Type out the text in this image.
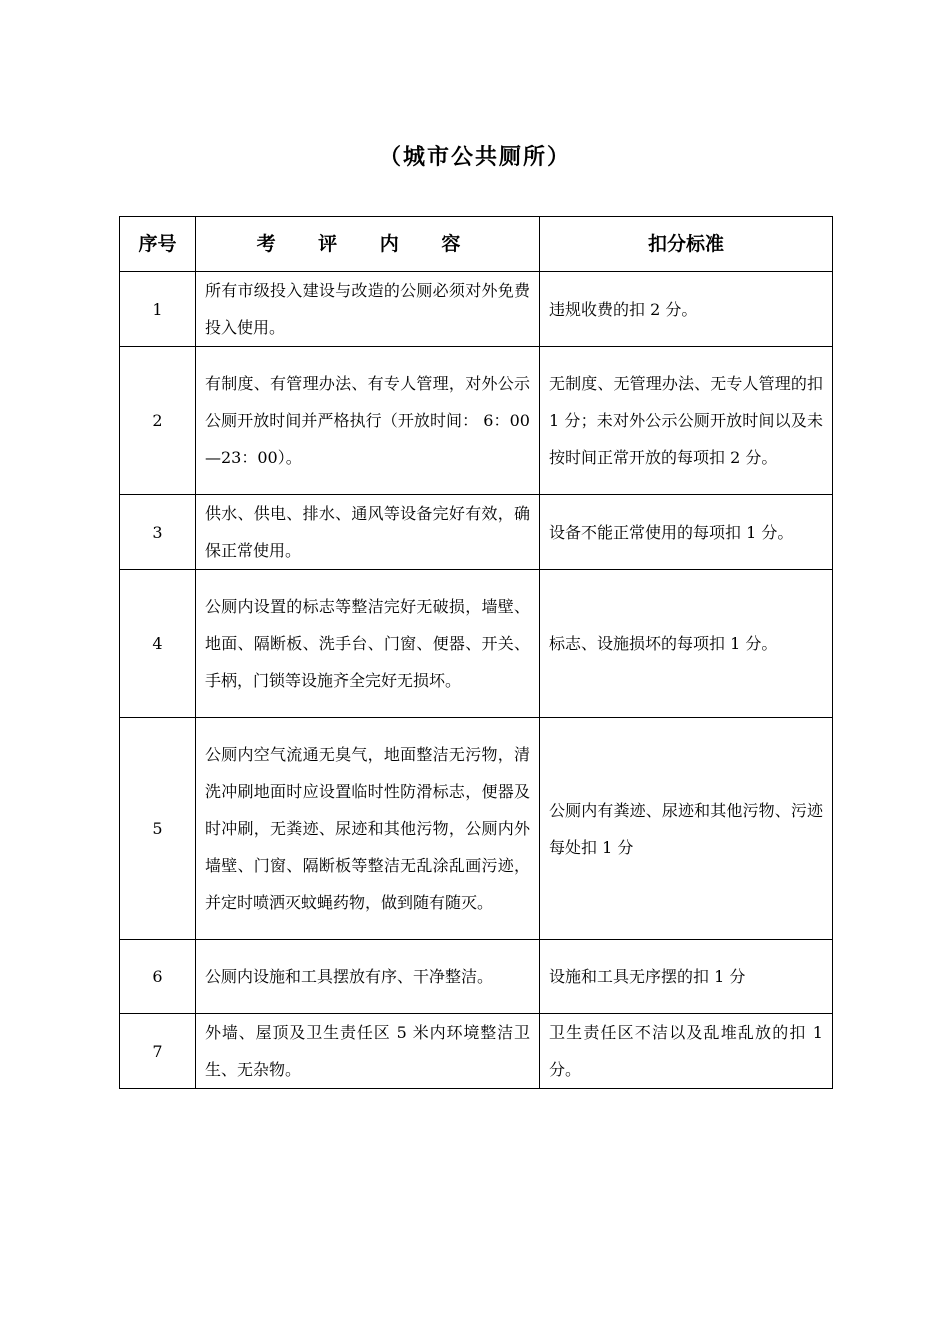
（城市公共厕所）
序号	考 评 内 容	扣分标准
1	所有市级投入建设与改造的公厕必须对外免费投入使用。	违规收费的扣 2 分。
2	有制度、有管理办法、有专人管理，对外公示公厕开放时间并严格执行（开放时间： 6：00—23：00）。	无制度、无管理办法、无专人管理的扣 1 分；未对外公示公厕开放时间以及未按时间正常开放的每项扣 2 分。
3	供水、供电、排水、通风等设备完好有效，确保正常使用。	设备不能正常使用的每项扣 1 分。
4	公厕内设置的标志等整洁完好无破损，墙壁、地面、隔断板、洗手台、门窗、便器、开关、手柄，门锁等设施齐全完好无损坏。	标志、设施损坏的每项扣 1 分。
5	公厕内空气流通无臭气，地面整洁无污物，清洗冲刷地面时应设置临时性防滑标志，便器及时冲刷，无粪迹、尿迹和其他污物，公厕内外墙壁、门窗、隔断板等整洁无乱涂乱画污迹，并定时喷洒灭蚊蝇药物，做到随有随灭。	公厕内有粪迹、尿迹和其他污物、污迹每处扣 1 分
6	公厕内设施和工具摆放有序、干净整洁。	设施和工具无序摆的扣 1 分
7	外墙、屋顶及卫生责任区 5 米内环境整洁卫生、无杂物。	卫生责任区不洁以及乱堆乱放的扣 1 分。
